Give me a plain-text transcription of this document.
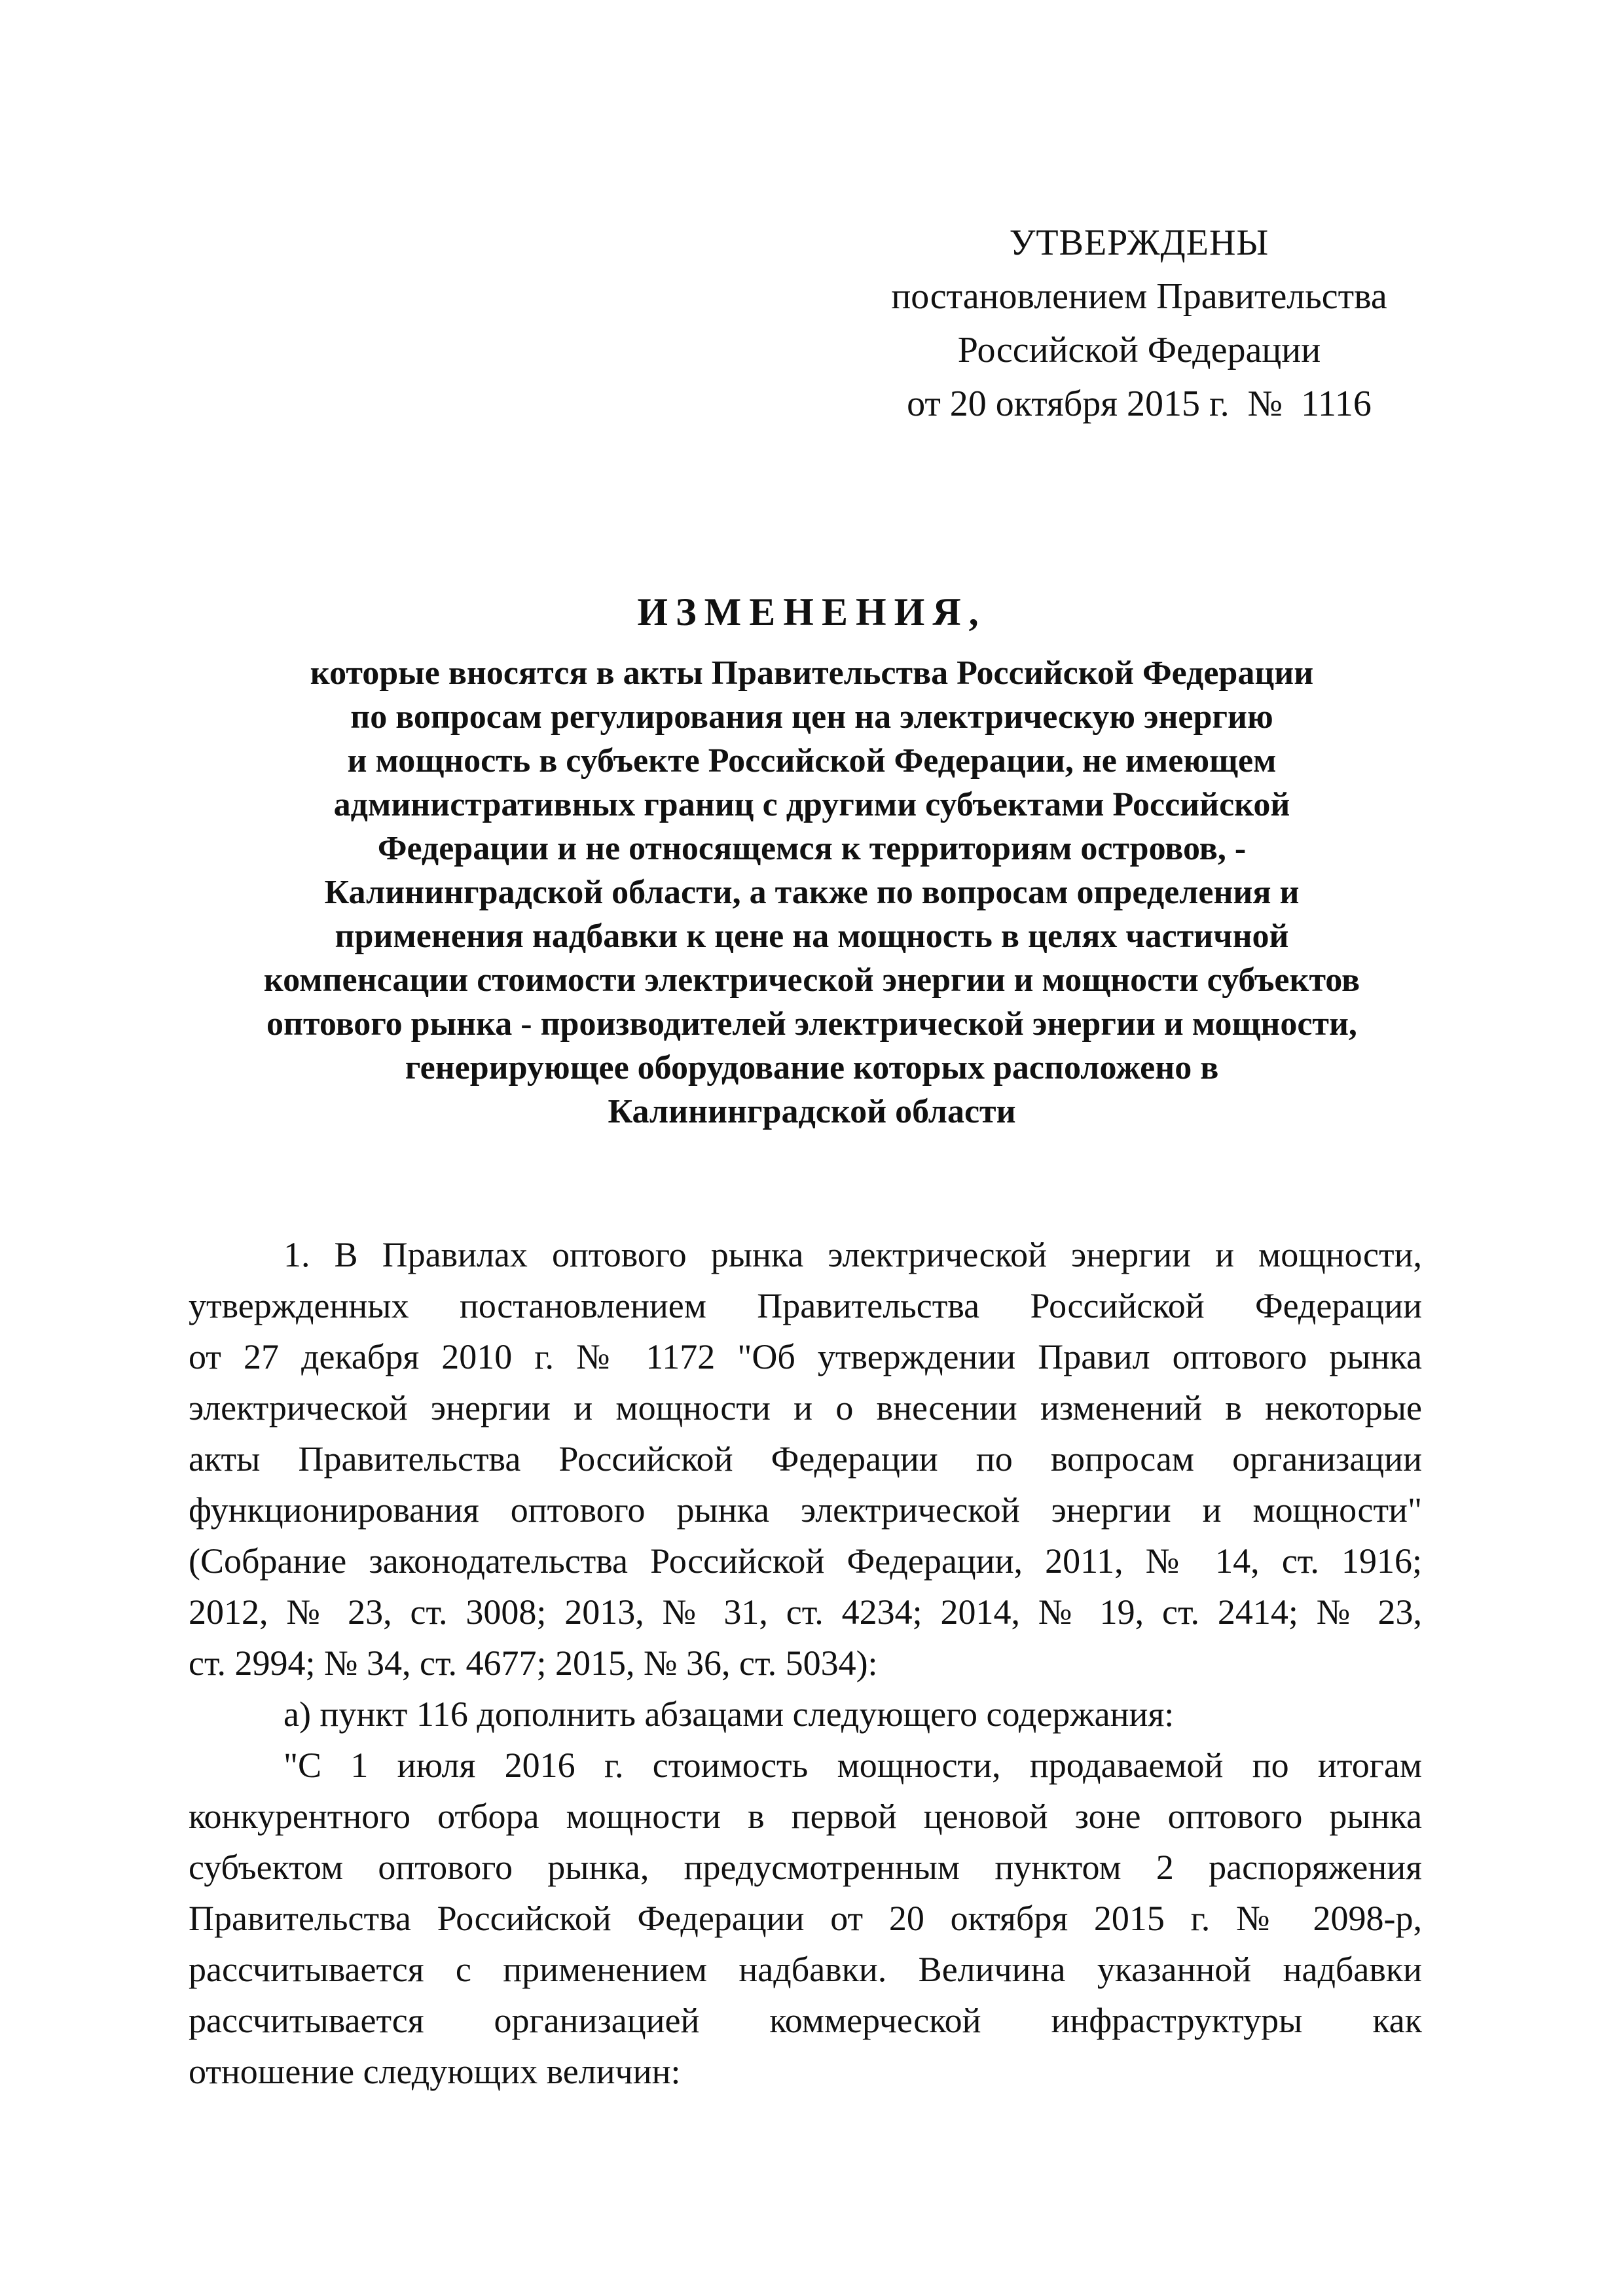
УТВЕРЖДЕНЫ
постановлением Правительства
Российской Федерации
от 20 октября 2015 г.  №  1116
ИЗМЕНЕНИЯ,
которые вносятся в акты Правительства Российской Федерации
по вопросам регулирования цен на электрическую энергию
и мощность в субъекте Российской Федерации, не имеющем
административных границ с другими субъектами Российской
Федерации и не относящемся к территориям островов, -
Калининградской области, а также по вопросам определения и
применения надбавки к цене на мощность в целях частичной
компенсации стоимости электрической энергии и мощности субъектов
оптового рынка - производителей электрической энергии и мощности,
генерирующее оборудование которых расположено в
Калининградской области

1. В Правилах оптового рынка электрической энергии и мощности,
утвержденных постановлением Правительства Российской Федерации
от 27 декабря 2010 г. № 1172 "Об утверждении Правил оптового рынка
электрической энергии и мощности и о внесении изменений в некоторые
акты Правительства Российской Федерации по вопросам организации
функционирования оптового рынка электрической энергии и мощности"
(Собрание законодательства Российской Федерации, 2011, № 14, ст. 1916;
2012, № 23, ст. 3008; 2013, № 31, ст. 4234; 2014, № 19, ст. 2414; № 23,
ст. 2994; № 34, ст. 4677; 2015, № 36, ст. 5034):

а) пункт 116 дополнить абзацами следующего содержания:

"С 1 июля 2016 г. стоимость мощности, продаваемой по итогам
конкурентного отбора мощности в первой ценовой зоне оптового рынка
субъектом оптового рынка, предусмотренным пунктом 2 распоряжения
Правительства Российской Федерации от 20 октября 2015 г. № 2098-р,
рассчитывается с применением надбавки. Величина указанной надбавки
рассчитывается организацией коммерческой инфраструктуры как
отношение следующих величин:
